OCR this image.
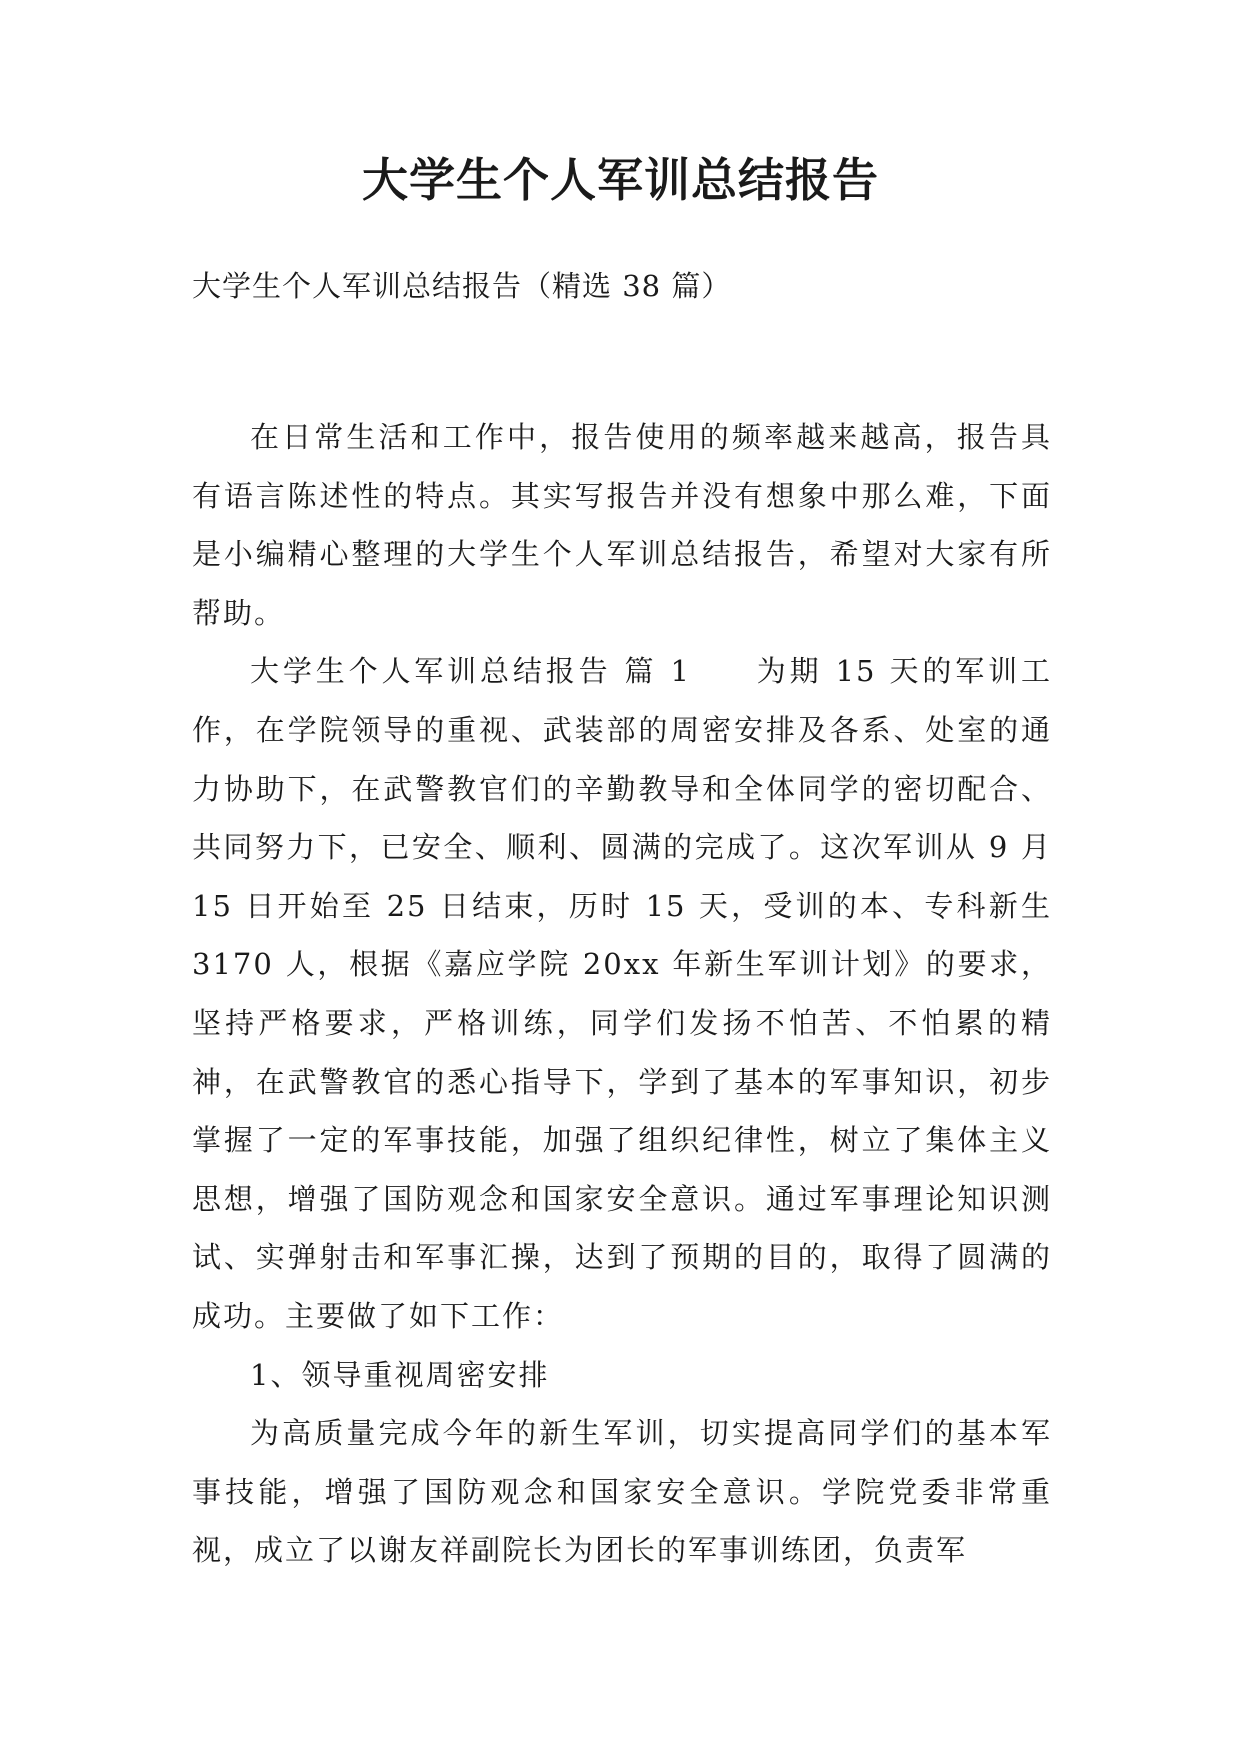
大学生个人军训总结报告
大学生个人军训总结报告（精选 38 篇）

在日常生活和工作中，报告使用的频率越来越高，报告具有语言陈述性的特点。其实写报告并没有想象中那么难，下面是小编精心整理的大学生个人军训总结报告，希望对大家有所帮助。

大学生个人军训总结报告 篇 1 为期 15 天的军训工作，在学院领导的重视、武装部的周密安排及各系、处室的通力协助下，在武警教官们的辛勤教导和全体同学的密切配合、共同努力下，已安全、顺利、圆满的完成了。这次军训从 9 月 15 日开始至 25 日结束，历时 15 天，受训的本、专科新生 3170 人，根据《嘉应学院 20xx 年新生军训计划》的要求，坚持严格要求，严格训练，同学们发扬不怕苦、不怕累的精神，在武警教官的悉心指导下，学到了基本的军事知识，初步掌握了一定的军事技能，加强了组织纪律性，树立了集体主义思想，增强了国防观念和国家安全意识。通过军事理论知识测试、实弹射击和军事汇操，达到了预期的目的，取得了圆满的成功。主要做了如下工作：

1、领导重视周密安排

为高质量完成今年的新生军训，切实提高同学们的基本军事技能，增强了国防观念和国家安全意识。学院党委非常重视，成立了以谢友祥副院长为团长的军事训练团，负责军
